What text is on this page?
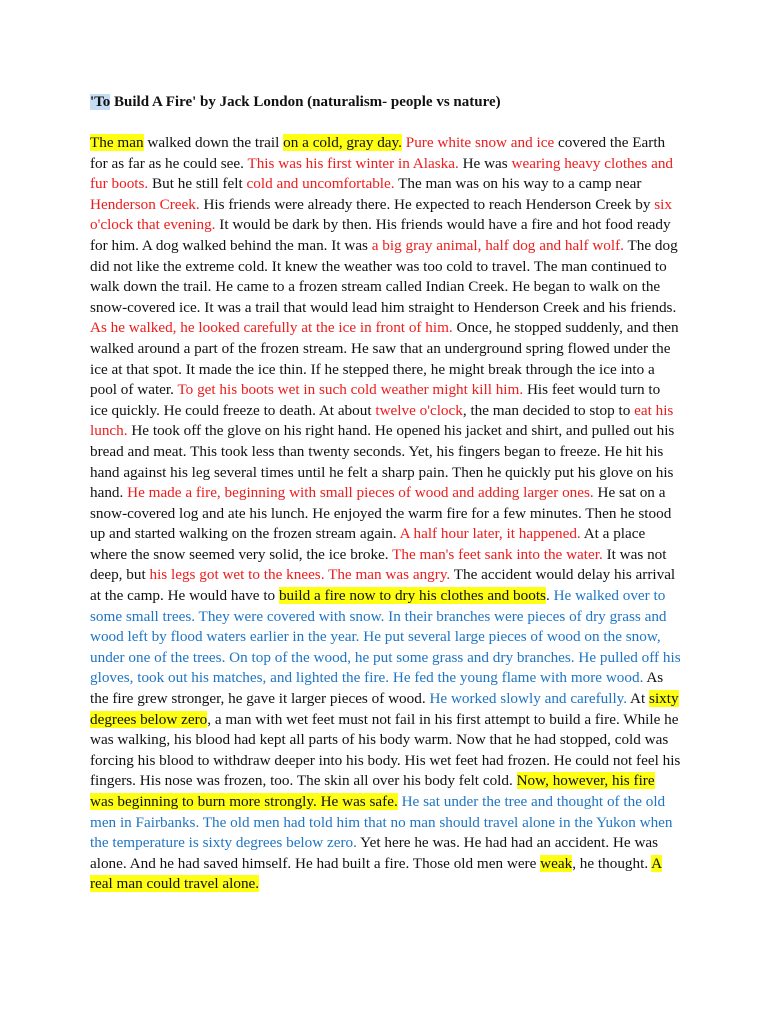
'To Build A Fire' by Jack London (naturalism- people vs nature)
The man walked down the trail on a cold, gray day. Pure white snow and ice covered the Earth
for as far as he could see. This was his first winter in Alaska. He was wearing heavy clothes and
fur boots. But he still felt cold and uncomfortable. The man was on his way to a camp near
Henderson Creek. His friends were already there. He expected to reach Henderson Creek by six
o'clock that evening. It would be dark by then. His friends would have a fire and hot food ready
for him. A dog walked behind the man. It was a big gray animal, half dog and half wolf. The dog
did not like the extreme cold. It knew the weather was too cold to travel. The man continued to
walk down the trail. He came to a frozen stream called Indian Creek. He began to walk on the
snow-covered ice. It was a trail that would lead him straight to Henderson Creek and his friends.
As he walked, he looked carefully at the ice in front of him. Once, he stopped suddenly, and then
walked around a part of the frozen stream. He saw that an underground spring flowed under the
ice at that spot. It made the ice thin. If he stepped there, he might break through the ice into a
pool of water. To get his boots wet in such cold weather might kill him. His feet would turn to
ice quickly. He could freeze to death. At about twelve o'clock, the man decided to stop to eat his
lunch. He took off the glove on his right hand. He opened his jacket and shirt, and pulled out his
bread and meat. This took less than twenty seconds. Yet, his fingers began to freeze. He hit his
hand against his leg several times until he felt a sharp pain. Then he quickly put his glove on his
hand. He made a fire, beginning with small pieces of wood and adding larger ones. He sat on a
snow-covered log and ate his lunch. He enjoyed the warm fire for a few minutes. Then he stood
up and started walking on the frozen stream again. A half hour later, it happened. At a place
where the snow seemed very solid, the ice broke. The man's feet sank into the water. It was not
deep, but his legs got wet to the knees. The man was angry. The accident would delay his arrival
at the camp. He would have to build a fire now to dry his clothes and boots. He walked over to
some small trees. They were covered with snow. In their branches were pieces of dry grass and
wood left by flood waters earlier in the year. He put several large pieces of wood on the snow,
under one of the trees. On top of the wood, he put some grass and dry branches. He pulled off his
gloves, took out his matches, and lighted the fire. He fed the young flame with more wood. As
the fire grew stronger, he gave it larger pieces of wood. He worked slowly and carefully. At sixty
degrees below zero, a man with wet feet must not fail in his first attempt to build a fire. While he
was walking, his blood had kept all parts of his body warm. Now that he had stopped, cold was
forcing his blood to withdraw deeper into his body. His wet feet had frozen. He could not feel his
fingers. His nose was frozen, too. The skin all over his body felt cold. Now, however, his fire
was beginning to burn more strongly. He was safe. He sat under the tree and thought of the old
men in Fairbanks. The old men had told him that no man should travel alone in the Yukon when
the temperature is sixty degrees below zero. Yet here he was. He had had an accident. He was
alone. And he had saved himself. He had built a fire. Those old men were weak, he thought. A
real man could travel alone.
